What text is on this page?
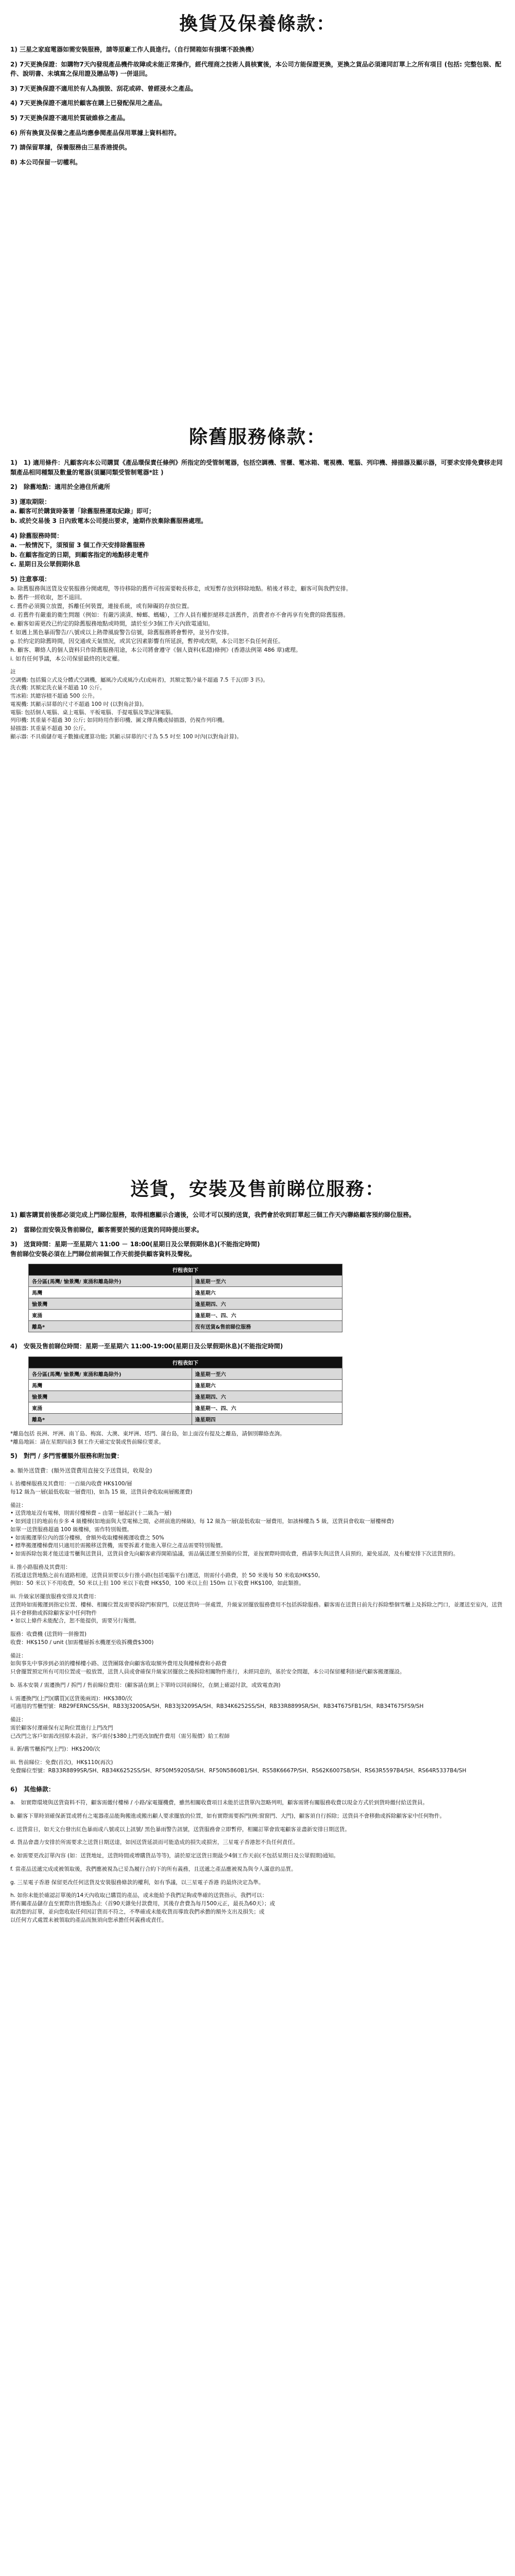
換貨及保養條款：

1) 三星之家庭電器如需安裝服務，請等原廠工作人員進行。（自行開箱如有損壞不設換機）

2) 7天更換保證：如購物7天內發現產品機件故障或未能正常操作，經代理商之技術人員核實後，本公司方能保證更換，更換之貨品必須連同訂單上之所有項目 (包括: 完整包裝、配件、說明書、未填寫之保用證及贈品等) 一併退回。

3) 7天更換保證不適用於有人為損毀、刮花或碎、曾經浸水之產品。

4) 7天更換保證不適用於顧客在購上已發配保用之產品。

5) 7天更換保證不適用於質破維修之產品。

6) 所有換貨及保養之產品均應參閱產品保用單據上資料相符。

7) 請保留單據，保養服務由三星香港提供。

8) 本公司保留一切權利。

除舊服務條款：

1)　1) 適用條件：凡顧客向本公司購買《產品環保責任條例》所指定的受管制電器，包括空調機、雪櫃、電冰箱、電視機、電腦、列印機、掃描器及顯示器，可要求安排免費移走同類產品相同種類及數量的電器(須屬同類受管制電器*註 )

2)　除舊地點：適用於全港住所處所

3) 運取期限：

a. 顧客可於購貨時簽署「除舊服務運取紀錄」即可；

b. 或於交易後 3 日內致電本公司提出要求，逾期作放棄除舊服務處理。

4) 除舊服務時間：

a. 一般情況下，須預留 3 個工作天安排除舊服務

b. 在顧客指定的日期，到顧客指定的地點移走電件

c. 星期日及公眾假期休息

5) 注意事項：

a. 除舊服務與送貨及安裝服務分開處理，等待移除的舊件可按需要較長移走，或短暫存放到移除地點。稍後才移走，顧客可與我們安排。

b. 舊件一經收取，恕不退回。

c. 舊件必須獨立放置，拆離任何裝置，連接系統，或有障礙的存放位置。

d. 若舊件有嚴重的衛生問題（例如：有嚴汚漬漬、蟑螂、螞蟻），工作人員有權拒絕移走該舊件，消費者亦不會再享有免費的除舊服務。

e. 顧客如需更改已約定的除舊服務地點或時間，請於至少3個工作天內致電通知。

f. 如遇上黑色暴雨警告/八號或以上熱帶風旋警告信號，除舊服務將會暫停，並另作安排。

g. 於約定的除舊時間，因交通或天氣情況，或其它因素影響有所延誤，暫停或改期，本公司恕不負任何責任。

h. 顧客、聯絡人的個人資料只作除舊服務用途，本公司將會遵守《個人資料(私隱)條例》(香港法例第 486 章)處理。

i. 如有任何爭議，本公司保留最終的決定權。

註

空調機: 包括獨立式及分體式空調機，屬風冷式或風冷式(或兩者)，其額定製冷量不超過 7.5 千瓦(即 3 匹)。

洗衣機: 其額定洗衣量不超過 10 公斤。

雪冰箱: 其總容積不超過 500 公升。

電視機: 其顯示屏幕的尺寸不超過 100 吋 (以對角計算)。

電腦: 包括個人電腦、桌上電腦、平板電腦、手提電腦及筆記簿電腦。

列印機: 其重量不超過 30 公斤; 如同時用作影印機、圖文傳真機或掃描器，仍視作列印機。

掃描器: 其重量不超過 30 公斤。

顯示器: 不具備儲存電子數據或運算功能; 其顯示屏幕的尺寸為 5.5 吋至 100 吋內(以對角計算)。

送貨，安裝及售前睇位服務：

1) 顧客購買前後都必須完成上門睇位服務，取得相應顯示合適後，公司才可以預約送貨，我們會於收到訂單起三個工作天內聯絡顧客預約睇位服務。

2)　當睇位而安裝及售前睇位，顧客需要於預約送貨的同時提出要求。

3)　送貨時間：星期一至星期六 11:00 － 18:00(星期日及公眾假期休息)(不能指定時間)

售前睇位安裝必須在上門睇位前兩個工作天前提供顧客資料及聲稅。

行程表如下	
各分區(馬灣/ 愉景灣/ 東涌和離島除外)	逢星期一至六
馬灣	逢星期六
愉景灣	逢星期四、六
東涌	逢星期一、四、六
離島*	沒有送貨&售前睇位服務

4)　安裝及售前睇位時間：星期一至星期六 11:00-19:00(星期日及公眾假期休息)(不能指定時間)

行程表如下	
各分區(馬灣/ 愉景灣/ 東涌和離島除外)	逢星期一至六
馬灣	逢星期六
愉景灣	逢星期四、六
東涌	逢星期一、四、六
離島*	逢星期四

*離島包括 長洲、坪洲、南丫島、梅窩、大澳、東坪洲、塔門、蒲台島，如上面沒有提及之離島，請個別聯絡查詢。

*離島地區：請在星期四前3 個工作天確定安裝或售前睇位要求。

5)　對門 / 多門雪櫃額外服務和附加費：

a. 額外送貨費：(額外送貨費用直接交予送貨員，收現金)

i. 抬樓梯服務及其費用：一百級內收費 HK$100/層
每12 級為一層(最低收取一層費用)，如為 15 級，送貨員會收取兩層搬運費)

備註：
• 送貨地址沒有電梯，則需付樓梯費 – 由第一層起計(十二級為一層)
• 如到達目的地前有步多 4 級樓梯(如地面與大堂電梯之間，必經前進的梯級)，每 12 級為一層(最低收取一層費用，如該梯樓為 5 級，送貨員會收取一層樓梯費)
如單一送貨服務超過 100 級樓梯，需作特別報價。
• 如需搬運單位內的部分樓梯，會額外收取樓梯搬運收費之 50%
• 標準搬運樓梯費用只適用於需搬移送貨機，需要拆蓋才能進入單位之產品需要特別報價。
• 如需拆除包裝才能送達雪櫃與送貨員，送貨員會先向顧客索得開箱協議，需品儀送運至預備的位置，並按實際時間收費，務請事先與送貨人員預約，避免延誤，及有權安排下次送貨預約。

ii. 推小路服務及其費用：
若抵達送貨地點之前有道路相連，送貨員須要以步行推小路(包括電腦平台)運送，則需付小路費，於 50 米後每 50 米收取HK$50。
例如：50 米以下不用收費，50 米以上但 100 米以下收費 HK$50，100 米以上但 150m 以下收費 HK$100，如此類推。

iii. 升級家居擺放服務安排及其費用：
送貨時如需搬運到指定位置、樓梯、相關位置及需要拆除門框窗門，以便送貨時一併處置，升級家居擺放服務費用不包括拆除服務。顧客需在送貨日前先行拆除整個雪櫃上及拆除之門口，並運送至室內，送貨員不會移動或拆除顧客家中任何物件
• 如以上條件未能配合，恕不能提供，需要另行報價。

服務：收費機 (送貨時一併撥置)
收費：HK$150 / unit (加需樓層拆水機運至收拆機費$300)

備註：
如與事先中事涉到必須的樓梯樓小路、送貨團隊會向顧客收取額外費用及與樓梯費和小路費
只會擺置預定所有可用位置或一般放置，送貨人員或會確保升級家居擺放之後拆除相關物件進行，未經同意的，基於安全問題，本公司保留權利拒絕代顧客搬運擺設。

b. 基本安裝 / 需遷換門 / 拆門 / 售前睇位費用：(顧客請在網上下單時以同前睇位，在網上確認付款，或致電查詢)

i. 需遷換門(上門)(購買)(送貨後兩周)：HK$380/次
可適用的雪櫃型號：RB29FERNCSS/SH、RB33J3200SA/SH、RB33J3209SA/SH、RB34K6252SS/SH、RB33R8899SR/SH、RB34T675FB1/SH、RB34T675FS9/SH

備註：
需於顧客付運確保有足夠位置進行上門改門
已改門之客戶如需改回原本設計，客戶需付$380上門更改加配件費用（需另報價）給工程師

ii. 新/舊雪櫃拆門(上門)：HK$200/次

iii. 售前睇位：免費(首次)，HK$110(再次)
免費睇位型號：RB33R8899SR/SH、RB34K6252SS/SH、RF50M5920S8/SH、RF50N5860B1/SH、RS58K6667P/SH、RS62K6007S8/SH、RS63R5597B4/SH、RS64R5337B4/SH

6)　其他條款：

a.　如實際環境與送貨資料不符，顧客需繳付樓梯 / 小路/家電擺機費，雖然相關收費項目未能於送貨單內忽略列明，顧客需將有關服務收費以現金方式於到貨時繳付給送貨員。

b. 顧客下單時須確保新買或將有之電器產品能夠搬進或搬出顧人要求擺放的位置，如有實際需要拆門(例:窗窗門、大門)，顧客須自行拆除；送貨員不會移動或拆除顧客家中任何物件。

c. 送貨當日，如天文台發出紅色暴雨或八號或以上訊號/ 黑色暴雨警告訊號，送貨服務會立即暫停，相關訂單會致電顧客並盡新安排日期送貨。

d. 貨品會盡力安排於所需要求之送貨日期送達，如因送貨延誤而可能造成的損失或損害，三星電子香港恕不負任何責任。

e. 如需要更改訂單內容 (如：送貨地址，送貨時間或增購貨品等等)，請於原定送貨日期最少4個工作天前(不包括星期日及公眾假期)通知。

f. 當產品送遞完成或被領取後，我們應被視為已妥為履行合約下的所有義務，且送遞之產品應被視為與令人滿意的品質。

g. 三星電子香港 保留更改任何送貨及安裝服務條款的權利，如有爭議，以三星電子香港 的最終決定為準。

h. 如你未能於確認訂單後的14天內收取已購買的產品，或未能給予我們足夠或準確的送貨指示，我們可以：
將有關產品儲存直至實際出貨地點為止（首90天雜免付款費用，其後存倉費為每月500元正，最長為60天）；或
取消您的訂單，並向您收取任何因訂貨而不符之，不準確或未能收貨而導致我們承擔的額外支出及損失；或
以任何方式處置未被領取的產品而無須向您承擔任何義務或責任。
